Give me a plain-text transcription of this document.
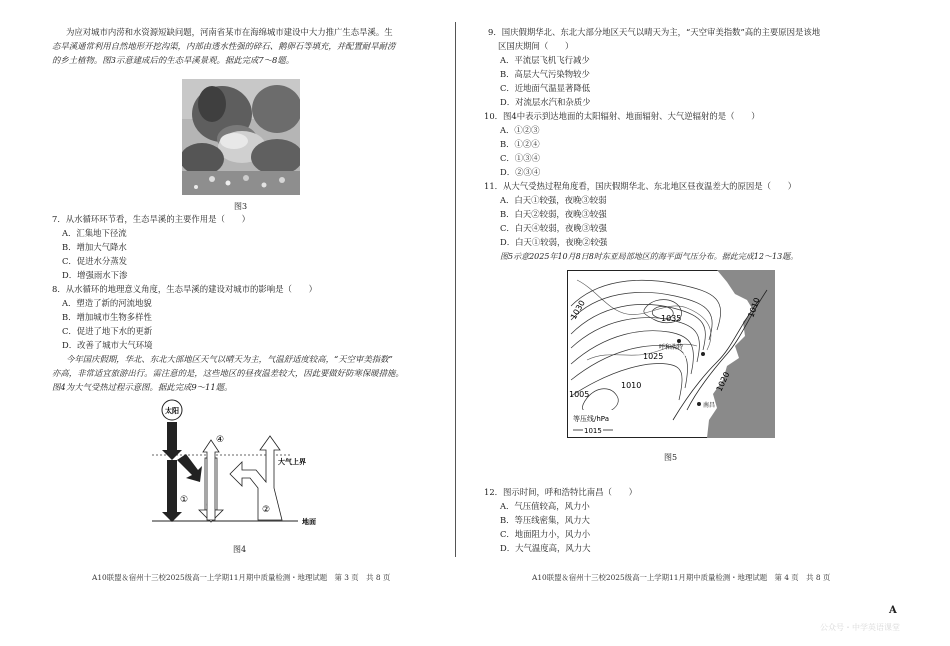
为应对城市内涝和水资源短缺问题，河南省某市在海绵城市建设中大力推广生态旱溪。生
态旱溪通常利用自然地形开挖沟渠，内部由透水性强的碎石、鹅卵石等填充，并配置耐旱耐涝
的乡土植物。图3示意建成后的生态旱溪景观。据此完成7～8题。
图3
7．从水循环环节看，生态旱溪的主要作用是（　　）
A．汇集地下径流
B．增加大气降水
C．促进水分蒸发
D．增强雨水下渗
8．从水循环的地理意义角度，生态旱溪的建设对城市的影响是（　　）
A．塑造了新的河流地貌
B．增加城市生物多样性
C．促进了地下水的更新
D．改善了城市大气环境
今年国庆假期，华北、东北大部地区天气以晴天为主，气温舒适度较高，“天空审美指数”
亦高，非常适宜旅游出行。需注意的是，这些地区的昼夜温差较大，因此要做好防寒保暖措施。
图4为大气受热过程示意图。据此完成9～11题。
太阳
大气上界
地面
①
④
②
图4
A10联盟＆宿州十三校2025级高一上学期11月期中质量检测・地理试题　第 3 页　共 8 页
9．国庆假期华北、东北大部分地区天气以晴天为主，“天空审美指数”高的主要原因是该地
区国庆期间（　　）
A．平流层飞机飞行减少
B．高层大气污染物较少
C．近地面气温显著降低
D．对流层水汽和杂质少
10．图4中表示到达地面的太阳辐射、地面辐射、大气逆辐射的是（　　）
A．①②③
B．①②④
C．①③④
D．②③④
11．从大气受热过程角度看，国庆假期华北、东北地区昼夜温差大的原因是（　　）
A．白天①较强，夜晚③较弱
B．白天②较弱，夜晚③较强
C．白天④较弱，夜晚③较强
D．白天①较弱，夜晚②较强
图5示意2025年10月8日8时东亚局部地区的海平面气压分布。据此完成12～13题。
1030	1035
1025
1010
1010
1005
1020
呼和浩特
石家庄
南昌
等压线/hPa
1015
图5
12．图示时间，呼和浩特比南昌（　　）
A．气压值较高，风力小
B．等压线密集，风力大
C．地面阻力小，风力小
D．大气温度高，风力大
A10联盟＆宿州十三校2025级高一上学期11月期中质量检测・地理试题　第 4 页　共 8 页
A
公众号・中学英语课堂
